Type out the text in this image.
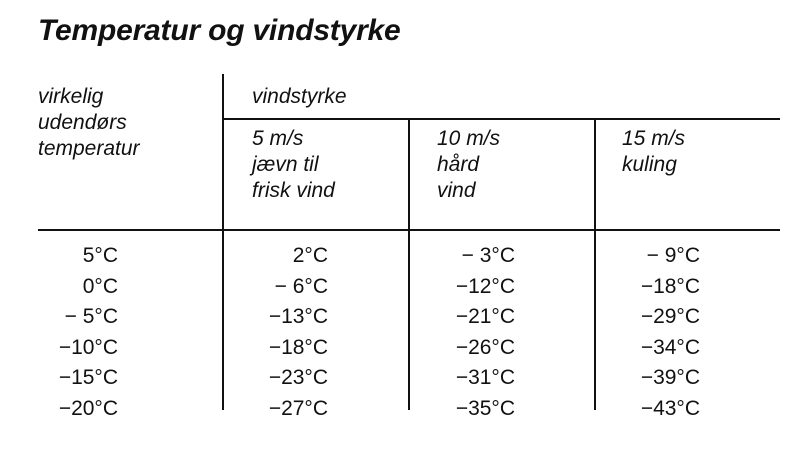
Temperatur og vindstyrke

virkelig
udendørs
temperatur

vindstyrke

5 m/s
jævn til
frisk vind

10 m/s
hård
vind

15 m/s
kuling

5°C
0°C
− 5°C
−10°C
−15°C
−20°C
2°C
− 6°C
−13°C
−18°C
−23°C
−27°C
− 3°C
−12°C
−21°C
−26°C
−31°C
−35°C
− 9°C
−18°C
−29°C
−34°C
−39°C
−43°C
